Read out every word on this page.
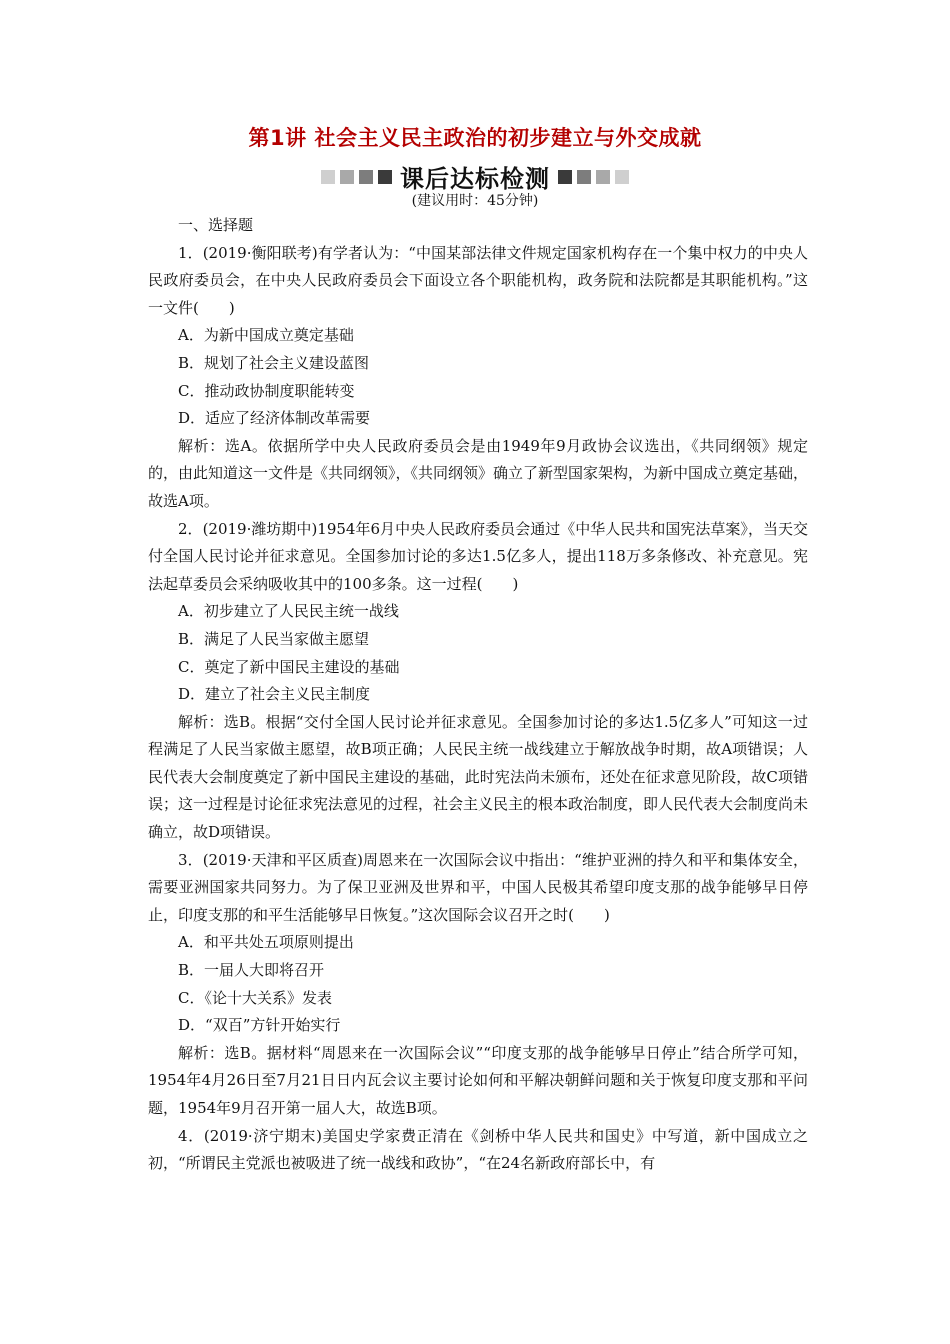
第1讲 社会主义民主政治的初步建立与外交成就
课后达标检测
(建议用时：45分钟)

一、选择题

1．(2019·衡阳联考)有学者认为：“中国某部法律文件规定国家机构存在一个集中权力的中央人民政府委员会，在中央人民政府委员会下面设立各个职能机构，政务院和法院都是其职能机构。”这一文件(　　)

A．为新中国成立奠定基础

B．规划了社会主义建设蓝图

C．推动政协制度职能转变

D．适应了经济体制改革需要

解析：选A。依据所学中央人民政府委员会是由1949年9月政协会议选出，《共同纲领》规定的，由此知道这一文件是《共同纲领》，《共同纲领》确立了新型国家架构，为新中国成立奠定基础，故选A项。

2．(2019·潍坊期中)1954年6月中央人民政府委员会通过《中华人民共和国宪法草案》，当天交付全国人民讨论并征求意见。全国参加讨论的多达1.5亿多人，提出118万多条修改、补充意见。宪法起草委员会采纳吸收其中的100多条。这一过程(　　)

A．初步建立了人民民主统一战线

B．满足了人民当家做主愿望

C．奠定了新中国民主建设的基础

D．建立了社会主义民主制度

解析：选B。根据“交付全国人民讨论并征求意见。全国参加讨论的多达1.5亿多人”可知这一过程满足了人民当家做主愿望，故B项正确；人民民主统一战线建立于解放战争时期，故A项错误；人民代表大会制度奠定了新中国民主建设的基础，此时宪法尚未颁布，还处在征求意见阶段，故C项错误；这一过程是讨论征求宪法意见的过程，社会主义民主的根本政治制度，即人民代表大会制度尚未确立，故D项错误。

3．(2019·天津和平区质查)周恩来在一次国际会议中指出：“维护亚洲的持久和平和集体安全，需要亚洲国家共同努力。为了保卫亚洲及世界和平，中国人民极其希望印度支那的战争能够早日停止，印度支那的和平生活能够早日恢复。”这次国际会议召开之时(　　)

A．和平共处五项原则提出

B．一届人大即将召开

C．《论十大关系》发表

D．“双百”方针开始实行

解析：选B。据材料“周恩来在一次国际会议”“印度支那的战争能够早日停止”结合所学可知，1954年4月26日至7月21日日内瓦会议主要讨论如何和平解决朝鲜问题和关于恢复印度支那和平问题，1954年9月召开第一届人大，故选B项。

4．(2019·济宁期末)美国史学家费正清在《剑桥中华人民共和国史》中写道，新中国成立之初，“所谓民主党派也被吸进了统一战线和政协”，“在24名新政府部长中，有
